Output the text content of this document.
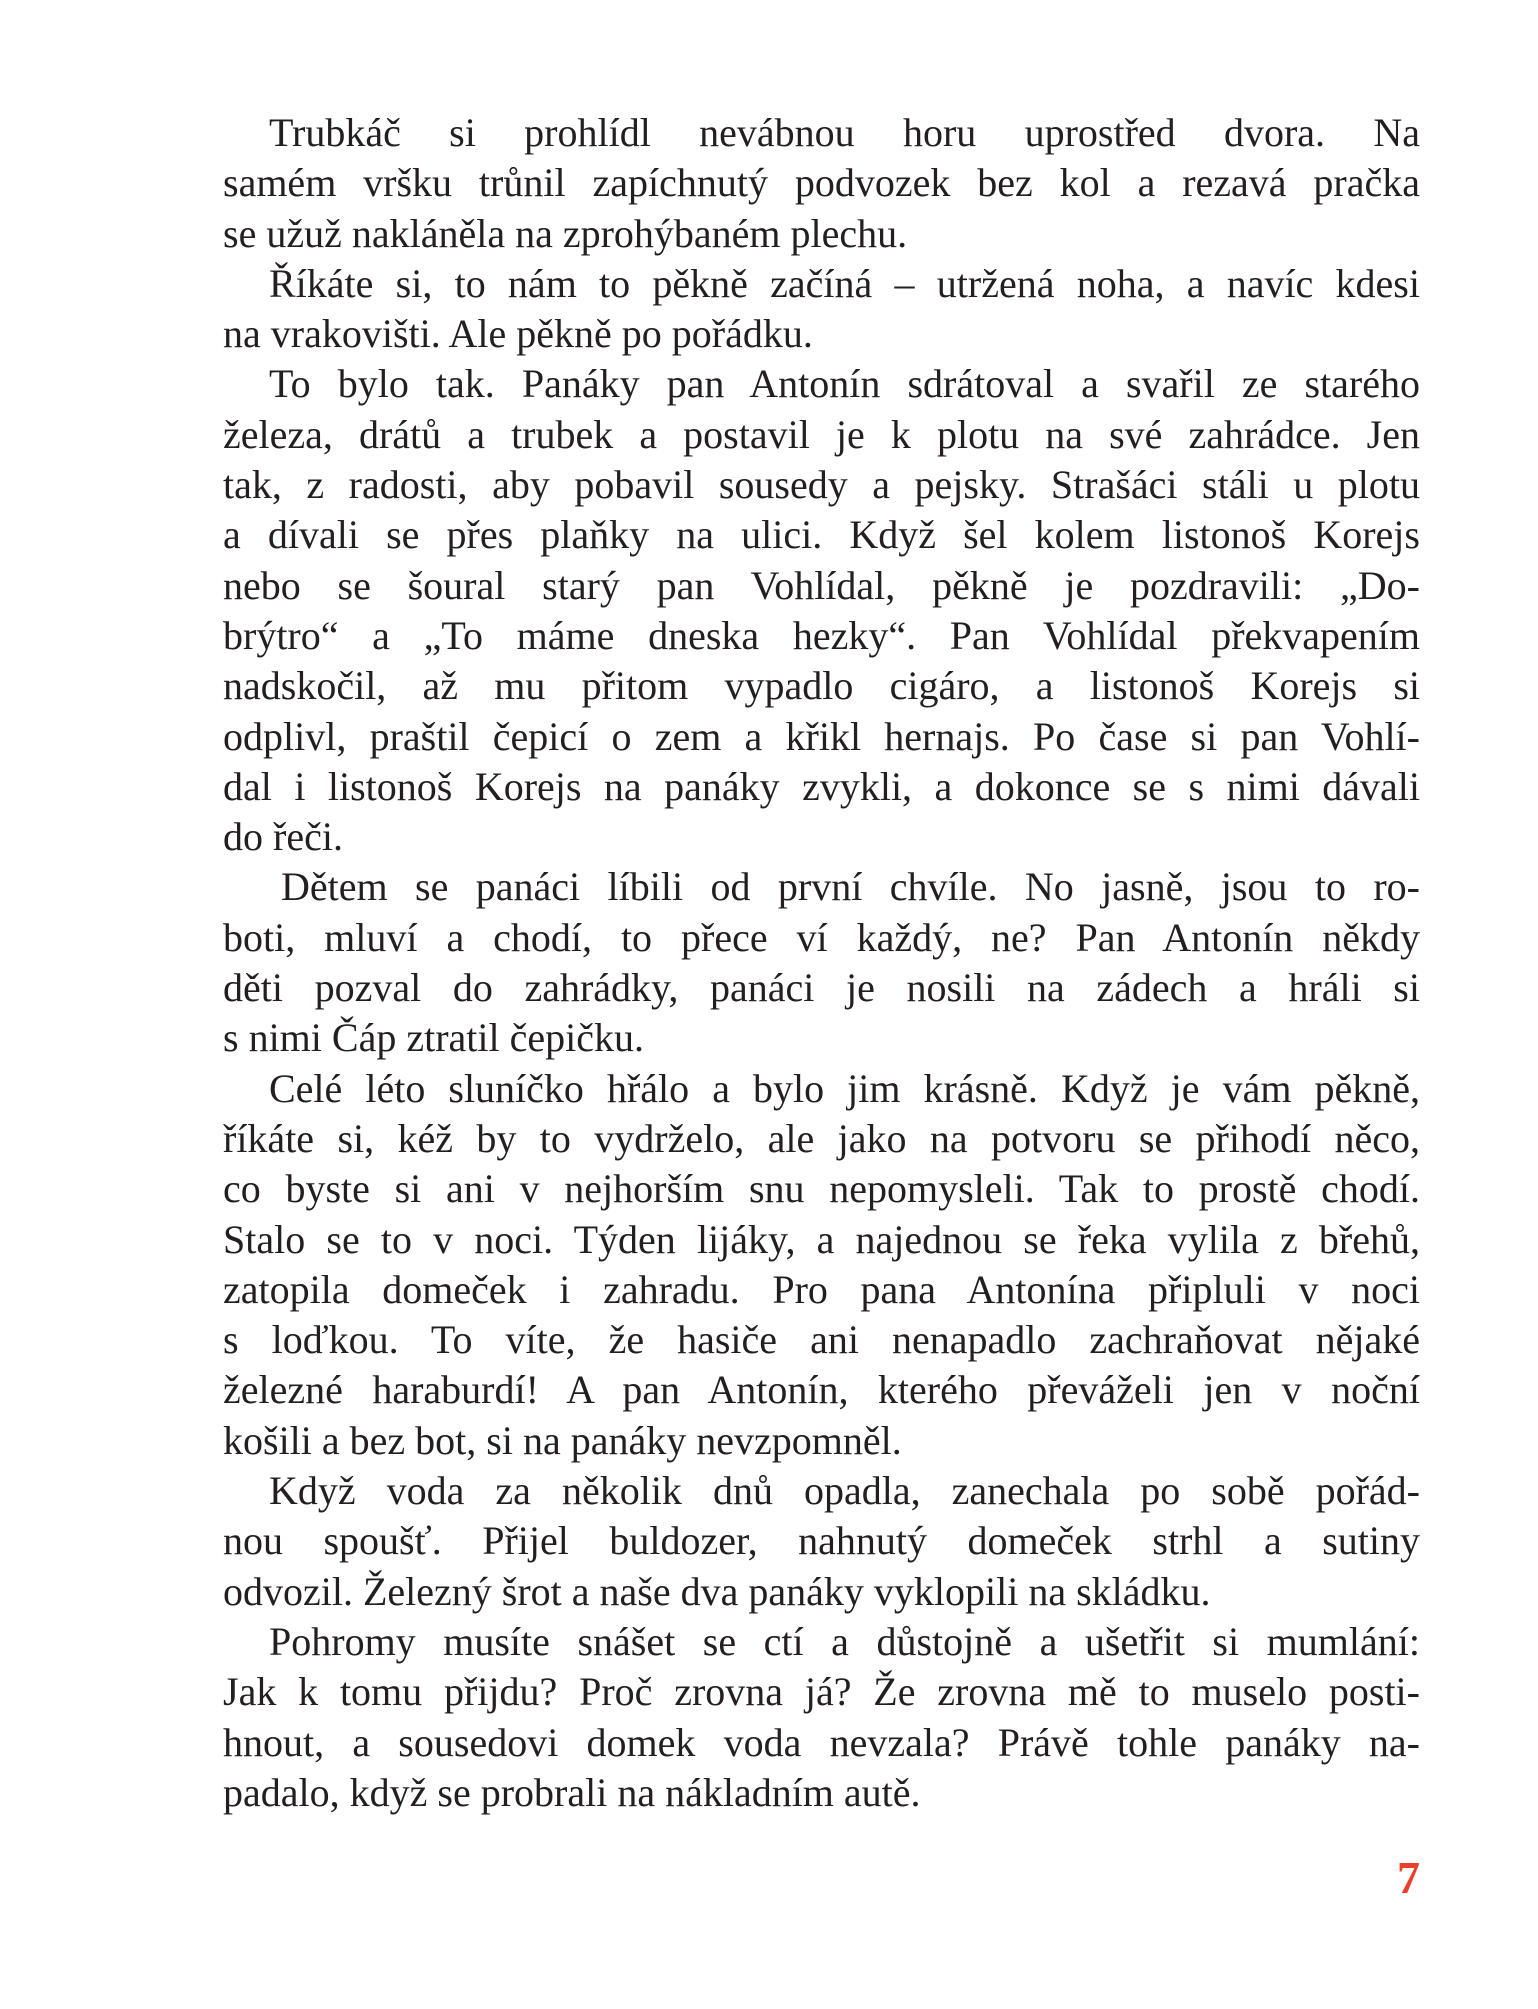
Trubkáč si prohlídl nevábnou horu uprostřed dvora. Na
samém vršku trůnil zapíchnutý podvozek bez kol a rezavá pračka
se užuž nakláněla na zprohýbaném plechu.
Říkáte si, to nám to pěkně začíná – utržená noha, a navíc kdesi
na vrakovišti. Ale pěkně po pořádku.
To bylo tak. Panáky pan Antonín sdrátoval a svařil ze starého
železa, drátů a trubek a postavil je k plotu na své zahrádce. Jen
tak, z radosti, aby pobavil sousedy a pejsky. Strašáci stáli u plotu
a dívali se přes plaňky na ulici. Když šel kolem listonoš Korejs
nebo se šoural starý pan Vohlídal, pěkně je pozdravili: „Do-
brýtro“ a „To máme dneska hezky“. Pan Vohlídal překvapením
nadskočil, až mu přitom vypadlo cigáro, a listonoš Korejs si
odplivl, praštil čepicí o zem a křikl hernajs. Po čase si pan Vohlí-
dal i listonoš Korejs na panáky zvykli, a dokonce se s nimi dávali
do řeči.
Dětem se panáci líbili od první chvíle. No jasně, jsou to ro-
boti, mluví a chodí, to přece ví každý, ne? Pan Antonín někdy
děti pozval do zahrádky, panáci je nosili na zádech a hráli si
s nimi Čáp ztratil čepičku.
Celé léto sluníčko hřálo a bylo jim krásně. Když je vám pěkně,
říkáte si, kéž by to vydrželo, ale jako na potvoru se přihodí něco,
co byste si ani v nejhorším snu nepomysleli. Tak to prostě chodí.
Stalo se to v noci. Týden lijáky, a najednou se řeka vylila z břehů,
zatopila domeček i zahradu. Pro pana Antonína připluli v noci
s loďkou. To víte, že hasiče ani nenapadlo zachraňovat nějaké
železné haraburdí! A pan Antonín, kterého převáželi jen v noční
košili a bez bot, si na panáky nevzpomněl.
Když voda za několik dnů opadla, zanechala po sobě pořád-
nou spoušť. Přijel buldozer, nahnutý domeček strhl a sutiny
odvozil. Železný šrot a naše dva panáky vyklopili na skládku.
Pohromy musíte snášet se ctí a důstojně a ušetřit si mumlání:
Jak k tomu přijdu? Proč zrovna já? Že zrovna mě to muselo posti-
hnout, a sousedovi domek voda nevzala? Právě tohle panáky na-
padalo, když se probrali na nákladním autě.
7
